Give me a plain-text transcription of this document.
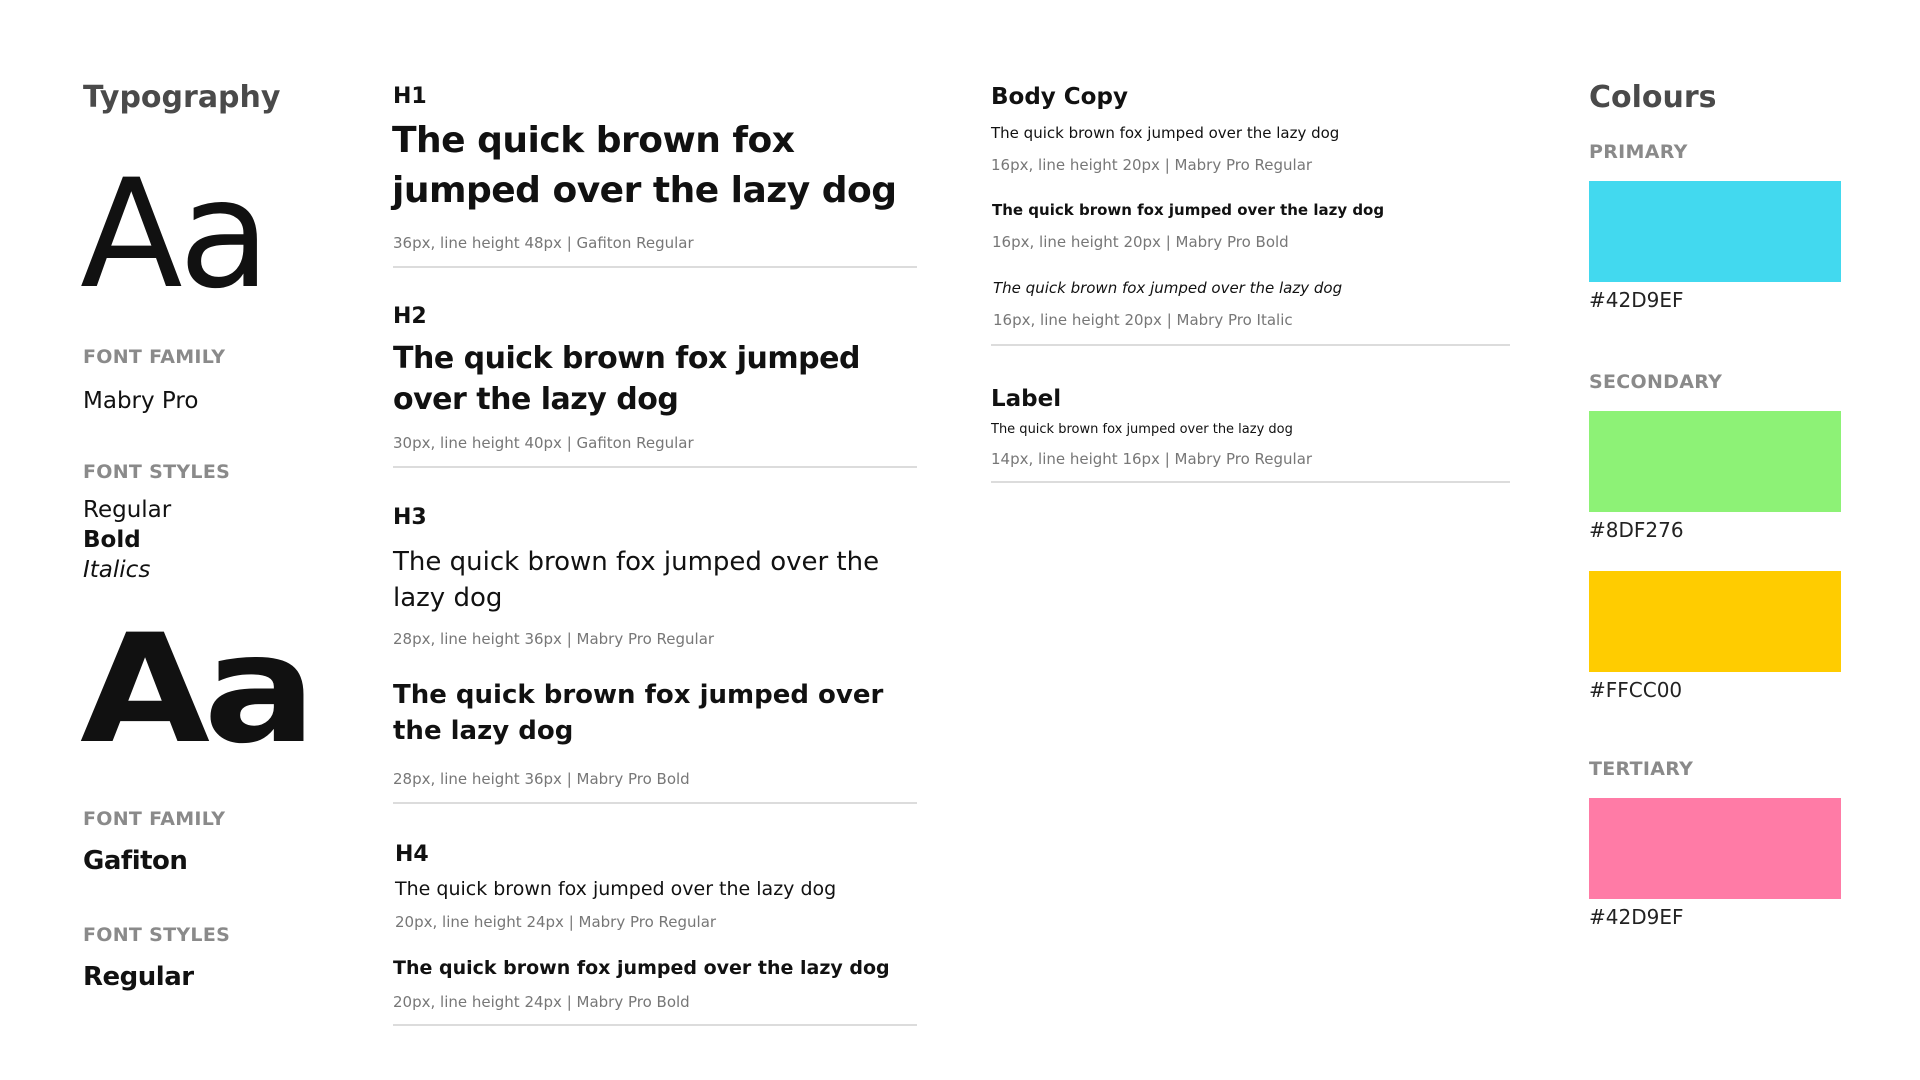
Typography
Aa
FONT FAMILY
Mabry Pro
FONT STYLES
Regular
Bold
Italics
Aa
FONT FAMILY
Gafiton
FONT STYLES
Regular
H1
The quick brown fox jumped over the lazy dog
36px, line height 48px | Gafiton Regular
H2
The quick brown fox jumped over the lazy dog
30px, line height 40px | Gafiton Regular
H3
The quick brown fox jumped over the lazy dog
28px, line height 36px | Mabry Pro Regular
The quick brown fox jumped over the lazy dog
28px, line height 36px | Mabry Pro Bold
H4
The quick brown fox jumped over the lazy dog
20px, line height 24px | Mabry Pro Regular
The quick brown fox jumped over the lazy dog
20px, line height 24px | Mabry Pro Bold
Body Copy
The quick brown fox jumped over the lazy dog
16px, line height 20px | Mabry Pro Regular
The quick brown fox jumped over the lazy dog
16px, line height 20px | Mabry Pro Bold
The quick brown fox jumped over the lazy dog
16px, line height 20px | Mabry Pro Italic
Label
The quick brown fox jumped over the lazy dog
14px, line height 16px | Mabry Pro Regular
Colours
PRIMARY
#42D9EF
SECONDARY
#8DF276
#FFCC00
TERTIARY
#42D9EF
